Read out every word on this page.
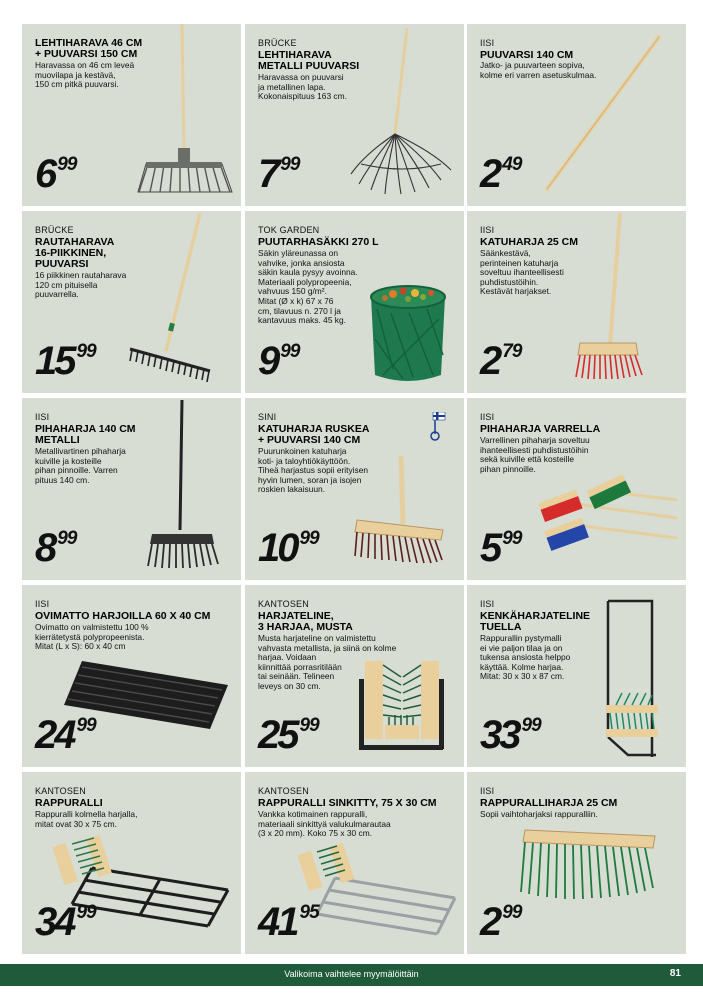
LEHTIHARAVA 46 CM
+ PUUVARSI 150 CM
Haravassa on 46 cm leveä
muovilapa ja kestävä,
150 cm pitkä puuvarsi.
6 99
BRÜCKE
LEHTIHARAVA
METALLI PUUVARSI
Haravassa on puuvarsi
ja metallinen lapa.
Kokonaispituus 163 cm.
7 99
IISI
PUUVARSI 140 CM
Jatko- ja puuvarteen sopiva,
kolme eri varren asetuskulmaa.
2 49
BRÜCKE
RAUTAHARAVA
16-PIIKKINEN,
PUUVARSI
16 piikkinen rautaharava
120 cm pituisella
puuvarrella.
15 99
TOK GARDEN
PUUTARHASÄKKI 270 L
Säkin yläreunassa on
vahvike, jonka ansiosta
säkin kaula pysyy avoinna.
Materiaali polypropeenia,
vahvuus 150 g/m².
Mitat (Ø x k) 67 x 76
cm, tilavuus n. 270 l ja
kantavuus maks. 45 kg.
9 99
IISI
KATUHARJA 25 CM
Säänkestävä,
perinteinen katuharja
soveltuu ihanteellisesti
puhdistustöihin.
Kestävät harjakset.
2 79
IISI
PIHAHARJA 140 CM
METALLI
Metallivartinen pihaharja
kuiville ja kosteille
pihan pinnoille. Varren
pituus 140 cm.
8 99
SINI
KATUHARJA RUSKEA
+ PUUVARSI 140 CM
Puurunkoinen katuharja
koti- ja taloyhtiökäyttöön.
Tiheä harjastus sopii erityisen
hyvin lumen, soran ja isojen
roskien lakaisuun.
10 99
IISI
PIHAHARJA VARRELLA
Varrellinen pihaharja soveltuu
ihanteellisesti puhdistustöihin
sekä kuiville että kosteille
pihan pinnoille.
5 99
IISI
OVIMATTO HARJOILLA 60 X 40 CM
Ovimatto on valmistettu 100 %
kierrätetystä polypropeenista.
Mitat (L x S): 60 x 40 cm
24 99
KANTOSEN
HARJATELINE,
3 HARJAA, MUSTA
Musta harjateline on valmistettu
vahvasta metallista, ja siinä on kolme
harjaa. Voidaan
kiinnittää porrasritilään
tai seinään. Telineen
leveys on 30 cm.
25 99
IISI
KENKÄHARJATELINE
TUELLA
Rappurallin pystymalli
ei vie paljon tilaa ja on
tukensa ansiosta helppo
käyttää. Kolme harjaa.
Mitat: 30 x 30 x 87 cm.
33 99
KANTOSEN
RAPPURALLI
Rappuralli kolmella harjalla,
mitat ovat 30 x 75 cm.
34 99
KANTOSEN
RAPPURALLI SINKITTY, 75 X 30 CM
Vankka kotimainen rappuralli,
materiaali sinkittyä valukulmarautaa
(3 x 20 mm). Koko 75 x 30 cm.
41 95
IISI
RAPPURALLIHARJA 25 CM
Sopii vaihtoharjaksi rappuralliin.
2 99
Valikoima vaihtelee myymälöittäin	81
